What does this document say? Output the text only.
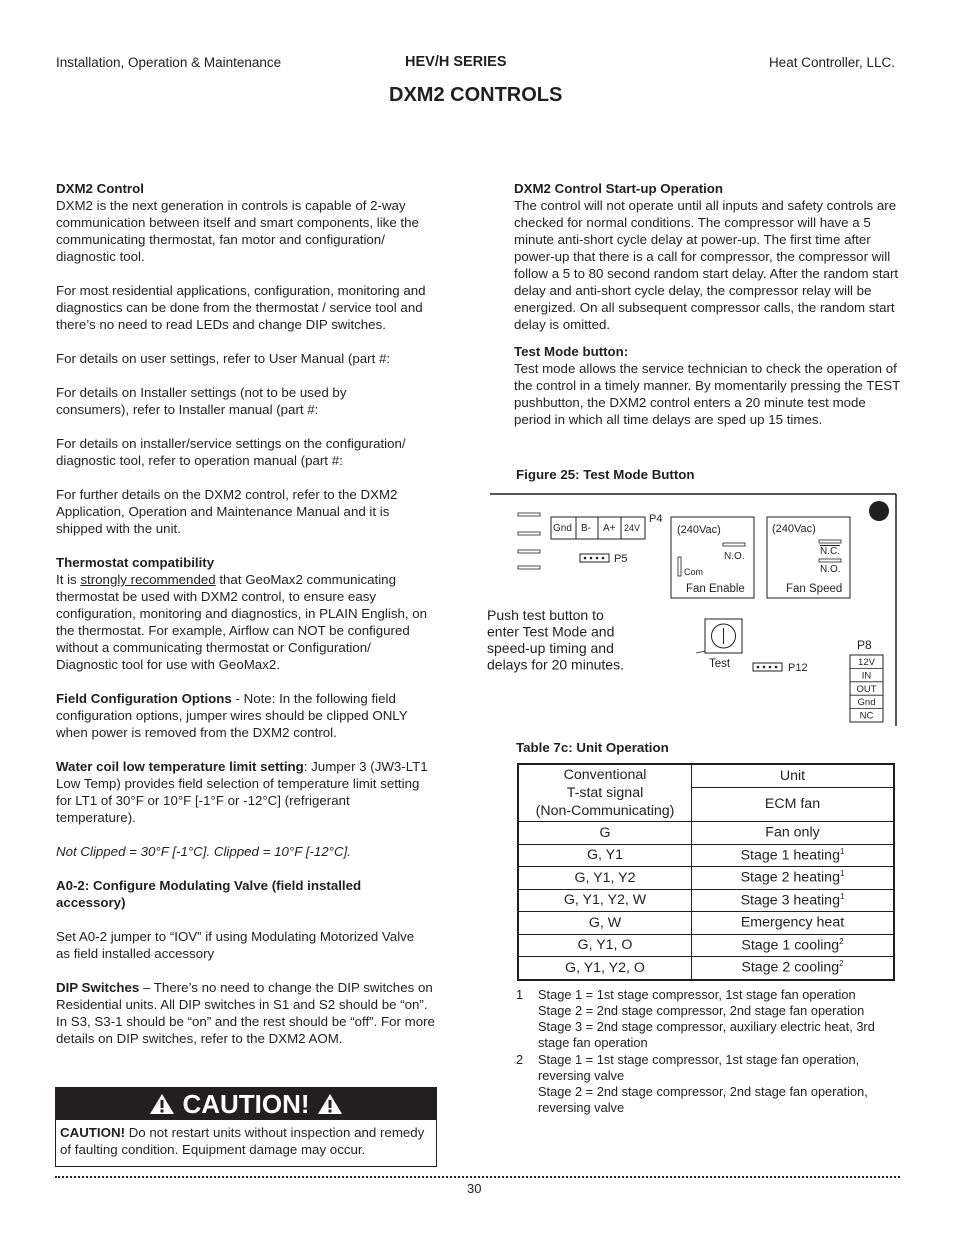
Installation, Operation & Maintenance	HEV/H SERIES	Heat Controller, LLC.
DXM2 CONTROLS

DXM2 Control

DXM2 is the next generation in controls is capable of 2-way communication between itself and smart components, like the communicating thermostat, fan motor and configuration/ diagnostic tool.

For most residential applications, configuration, monitoring and diagnostics can be done from the thermostat / service tool and there’s no need to read LEDs and change DIP switches.

For details on user settings, refer to User Manual (part #:

For details on Installer settings (not to be used by consumers), refer to Installer manual (part #:

For details on installer/service settings on the configuration/ diagnostic tool, refer to operation manual (part #:

For further details on the DXM2 control, refer to the DXM2 Application, Operation and Maintenance Manual and it is shipped with the unit.

Thermostat compatibility

It is strongly recommended that GeoMax2 communicating thermostat be used with DXM2 control, to ensure easy configuration, monitoring and diagnostics, in PLAIN English, on the thermostat. For example, Airflow can NOT be configured without a communicating thermostat or Configuration/ Diagnostic tool for use with GeoMax2.

Field Configuration Options - Note: In the following field configuration options, jumper wires should be clipped ONLY when power is removed from the DXM2 control.

Water coil low temperature limit setting: Jumper 3 (JW3-LT1 Low Temp) provides field selection of temperature limit setting for LT1 of 30°F or 10°F [-1°F or -12°C] (refrigerant temperature).

Not Clipped = 30°F [-1°C]. Clipped = 10°F [-12°C].

A0-2: Configure Modulating Valve (field installed accessory)

Set A0-2 jumper to “IOV” if using Modulating Motorized Valve as field installed accessory

DIP Switches – There’s no need to change the DIP switches on Residential units. All DIP switches in S1 and S2 should be “on”. In S3, S3-1 should be “on” and the rest should be “off”. For more details on DIP switches, refer to the DXM2 AOM.

CAUTION!
CAUTION! Do not restart units without inspection and remedy of faulting condition. Equipment damage may occur.

DXM2 Control Start-up Operation

The control will not operate until all inputs and safety controls are checked for normal conditions. The compressor will have a 5 minute anti-short cycle delay at power-up. The first time after power-up that there is a call for compressor, the compressor will follow a 5 to 80 second random start delay. After the random start delay and anti-short cycle delay, the compressor relay will be energized. On all subsequent compressor calls, the random start delay is omitted.

Test Mode button:

Test mode allows the service technician to check the operation of the control in a timely manner. By momentarily pressing the TEST pushbutton, the DXM2 control enters a 20 minute test mode period in which all time delays are sped up 15 times.

Figure 25: Test Mode Button
Gnd B- A+ 24V
P4
P5
(240Vac)
N.O.
Com
Fan Enable
(240Vac)
N.C.
N.O.
Fan Speed
Push test button to
enter Test Mode and
speed-up timing and
delays for 20 minutes.	Test	P12
P8
12V
IN
OUT
Gnd
NC
Table 7c: Unit Operation
Conventional
T-stat signal
(Non-Communicating)	Unit
	ECM fan
G	Fan only
G, Y1	Stage 1 heating$^1$
G, Y1, Y2	Stage 2 heating$^1$
G, Y1, Y2, W	Stage 3 heating$^1$
G, W	Emergency heat
G, Y1, O	Stage 1 cooling$^2$
G, Y1, Y2, O	Stage 2 cooling$^2$
1 Stage 1 = 1st stage compressor, 1st stage fan operation
Stage 2 = 2nd stage compressor, 2nd stage fan operation
Stage 3 = 2nd stage compressor, auxiliary electric heat, 3rd stage fan operation
2 Stage 1 = 1st stage compressor, 1st stage fan operation, reversing valve
Stage 2 = 2nd stage compressor, 2nd stage fan operation, reversing valve
30
